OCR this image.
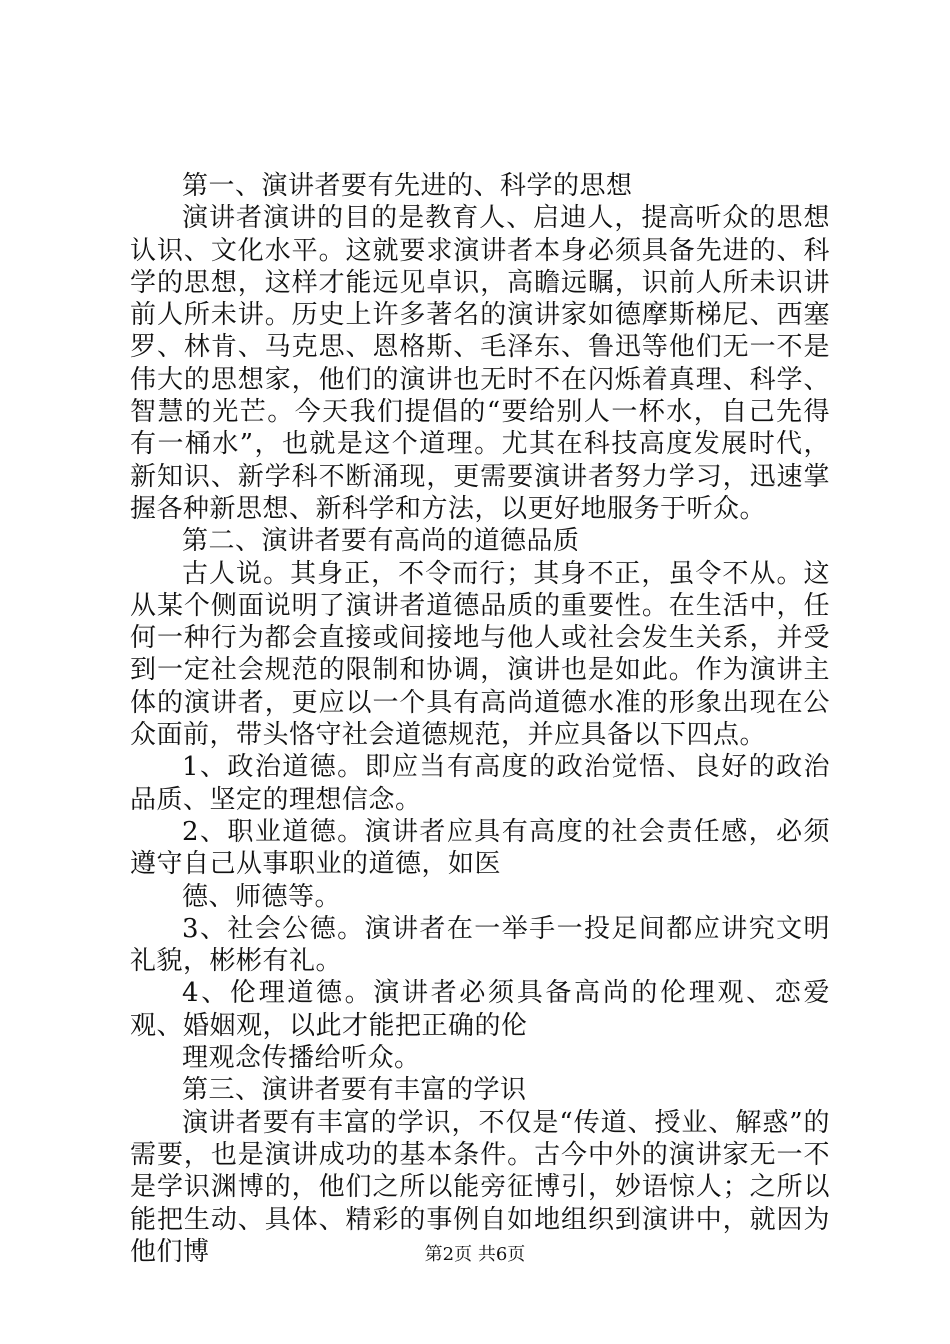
第一、演讲者要有先进的、科学的思想

演讲者演讲的目的是教育人、启迪人，提高听众的思想认识、文化水平。这就要求演讲者本身必须具备先进的、科学的思想，这样才能远见卓识，高瞻远瞩，识前人所未识讲前人所未讲。历史上许多著名的演讲家如德摩斯梯尼、西塞罗、林肯、马克思、恩格斯、毛泽东、鲁迅等他们无一不是伟大的思想家，他们的演讲也无时不在闪烁着真理、科学、智慧的光芒。今天我们提倡的“要给别人一杯水，自己先得有一桶水”，也就是这个道理。尤其在科技高度发展时代，新知识、新学科不断涌现，更需要演讲者努力学习，迅速掌握各种新思想、新科学和方法，以更好地服务于听众。

第二、演讲者要有高尚的道德品质

古人说。其身正，不令而行；其身不正，虽令不从。这从某个侧面说明了演讲者道德品质的重要性。在生活中，任何一种行为都会直接或间接地与他人或社会发生关系，并受到一定社会规范的限制和协调，演讲也是如此。作为演讲主体的演讲者，更应以一个具有高尚道德水准的形象出现在公众面前，带头恪守社会道德规范，并应具备以下四点。

1、政治道德。即应当有高度的政治觉悟、良好的政治品质、坚定的理想信念。

2、职业道德。演讲者应具有高度的社会责任感，必须遵守自己从事职业的道德，如医

德、师德等。

3、社会公德。演讲者在一举手一投足间都应讲究文明礼貌，彬彬有礼。

4、伦理道德。演讲者必须具备高尚的伦理观、恋爱观、婚姻观，以此才能把正确的伦

理观念传播给听众。

第三、演讲者要有丰富的学识

演讲者要有丰富的学识，不仅是“传道、授业、解惑”的需要，也是演讲成功的基本条件。古今中外的演讲家无一不是学识渊博的，他们之所以能旁征博引，妙语惊人；之所以能把生动、具体、精彩的事例自如地组织到演讲中，就因为他们博	第2页 共6页
